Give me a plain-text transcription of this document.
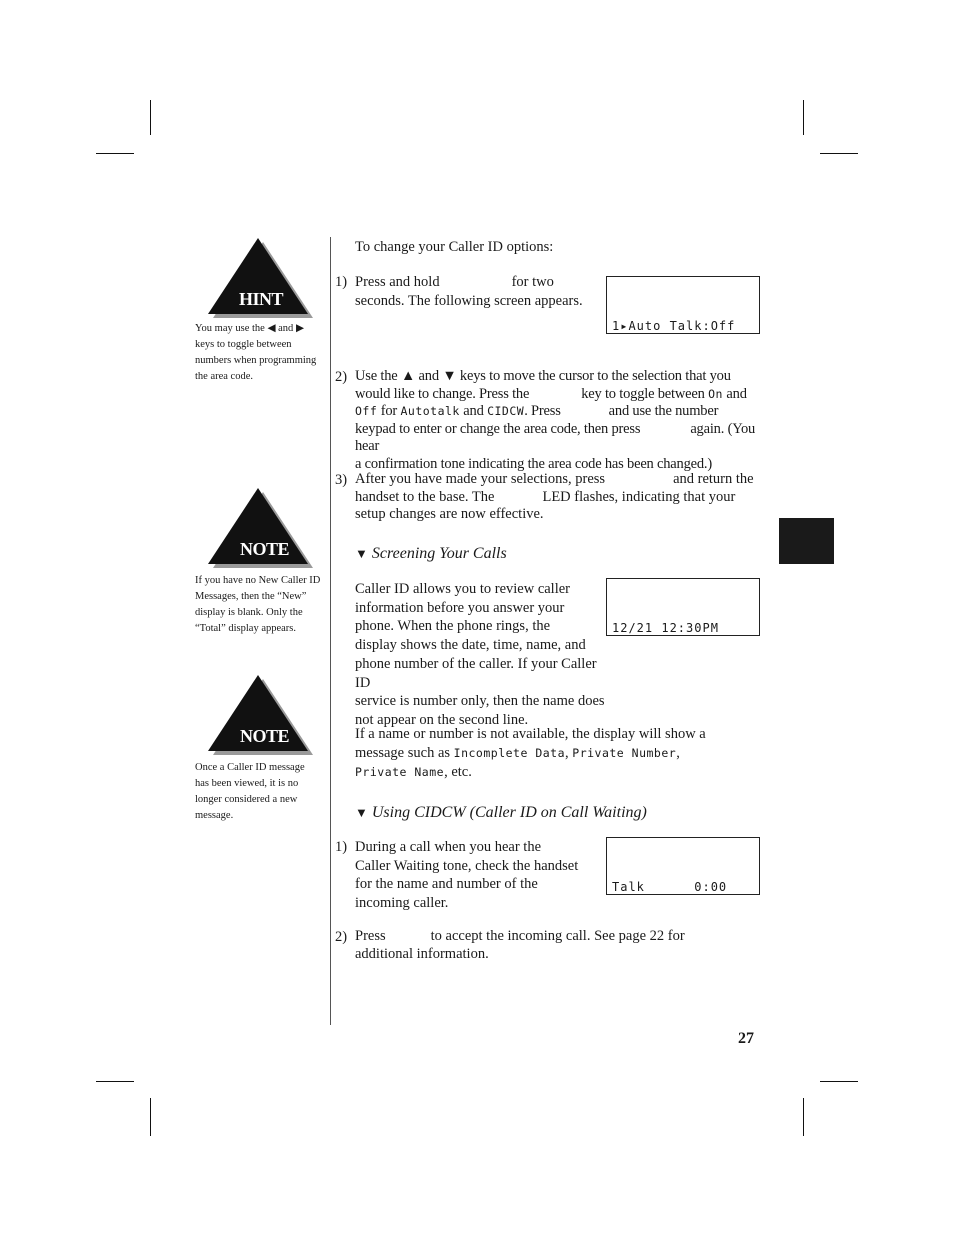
HINT
You may use the ◀ and ▶ keys to toggle between numbers when programming the area code.
NOTE
If you have no New Caller ID Messages, then the “New” display is blank. Only the “Total” display appears.
NOTE
Once a Caller ID message has been viewed, it is no longer considered a new message.
To change your Caller ID options:
1) Press and hold	for two
seconds. The following screen appears.

1▸Auto Talk:Off

2) Use the ▲ and ▼ keys to move the cursor to the selection that you
would like to change. Press the	key to toggle between On and
Off for Autotalk and CIDCW. Press	and use the number
keypad to enter or change the area code, then press	again. (You hear
a confirmation tone indicating the area code has been changed.)
3) After you have made your selections, press	and return the
handset to the base. The	LED flashes, indicating that your
setup changes are now effective.
▼ Screening Your Calls
Caller ID allows you to review caller
information before you answer your
phone. When the phone rings, the
display shows the date, time, name, and
phone number of the caller. If your Caller ID
service is number only, then the name does
not appear on the second line.

12/21 12:30PM

If a name or number is not available, the display will show a
message such as Incomplete Data, Private Number,
Private Name, etc.
▼ Using CIDCW (Caller ID on Call Waiting)
1) During a call when you hear the
Caller Waiting tone, check the handset
for the name and number of the
incoming caller.

Talk      0:00

2) Press	to accept the incoming call. See page 22 for
additional information.
27
